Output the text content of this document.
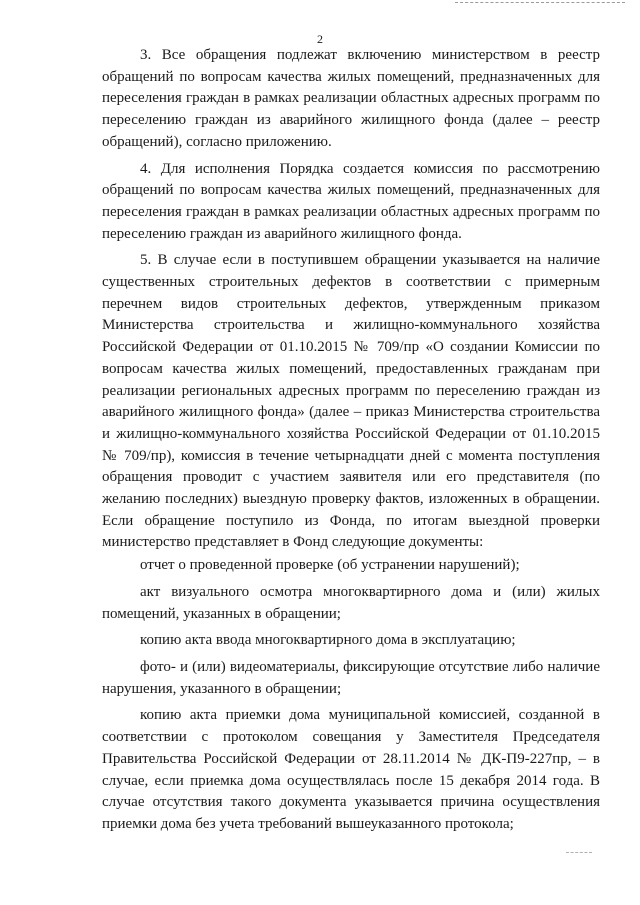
2

3. Все обращения подлежат включению министерством в реестр обращений по вопросам качества жилых помещений, предназначенных для переселения граждан в рамках реализации областных адресных программ по переселению граждан из аварийного жилищного фонда (далее – реестр обращений), согласно приложению.

4. Для исполнения Порядка создается комиссия по рассмотрению обращений по вопросам качества жилых помещений, предназначенных для переселения граждан в рамках реализации областных адресных программ по переселению граждан из аварийного жилищного фонда.

5. В случае если в поступившем обращении указывается на наличие существенных строительных дефектов в соответствии с примерным перечнем видов строительных дефектов, утвержденным приказом Министерства строительства и жилищно-коммунального хозяйства Российской Федерации от 01.10.2015 № 709/пр «О создании Комиссии по вопросам качества жилых помещений, предоставленных гражданам при реализации региональных адресных программ по переселению граждан из аварийного жилищного фонда» (далее – приказ Министерства строительства и жилищно-коммунального хозяйства Российской Федерации от 01.10.2015 № 709/пр), комиссия в течение четырнадцати дней с момента поступления обращения проводит с участием заявителя или его представителя (по желанию последних) выездную проверку фактов, изложенных в обращении. Если обращение поступило из Фонда, по итогам выездной проверки министерство представляет в Фонд следующие документы:

отчет о проведенной проверке (об устранении нарушений);

акт визуального осмотра многоквартирного дома и (или) жилых помещений, указанных в обращении;

копию акта ввода многоквартирного дома в эксплуатацию;

фото- и (или) видеоматериалы, фиксирующие отсутствие либо наличие нарушения, указанного в обращении;

копию акта приемки дома муниципальной комиссией, созданной в соответствии с протоколом совещания у Заместителя Председателя Правительства Российской Федерации от 28.11.2014 № ДК-П9-227пр, – в случае, если приемка дома осуществлялась после 15 декабря 2014 года. В случае отсутствия такого документа указывается причина осуществления приемки дома без учета требований вышеуказанного протокола;
